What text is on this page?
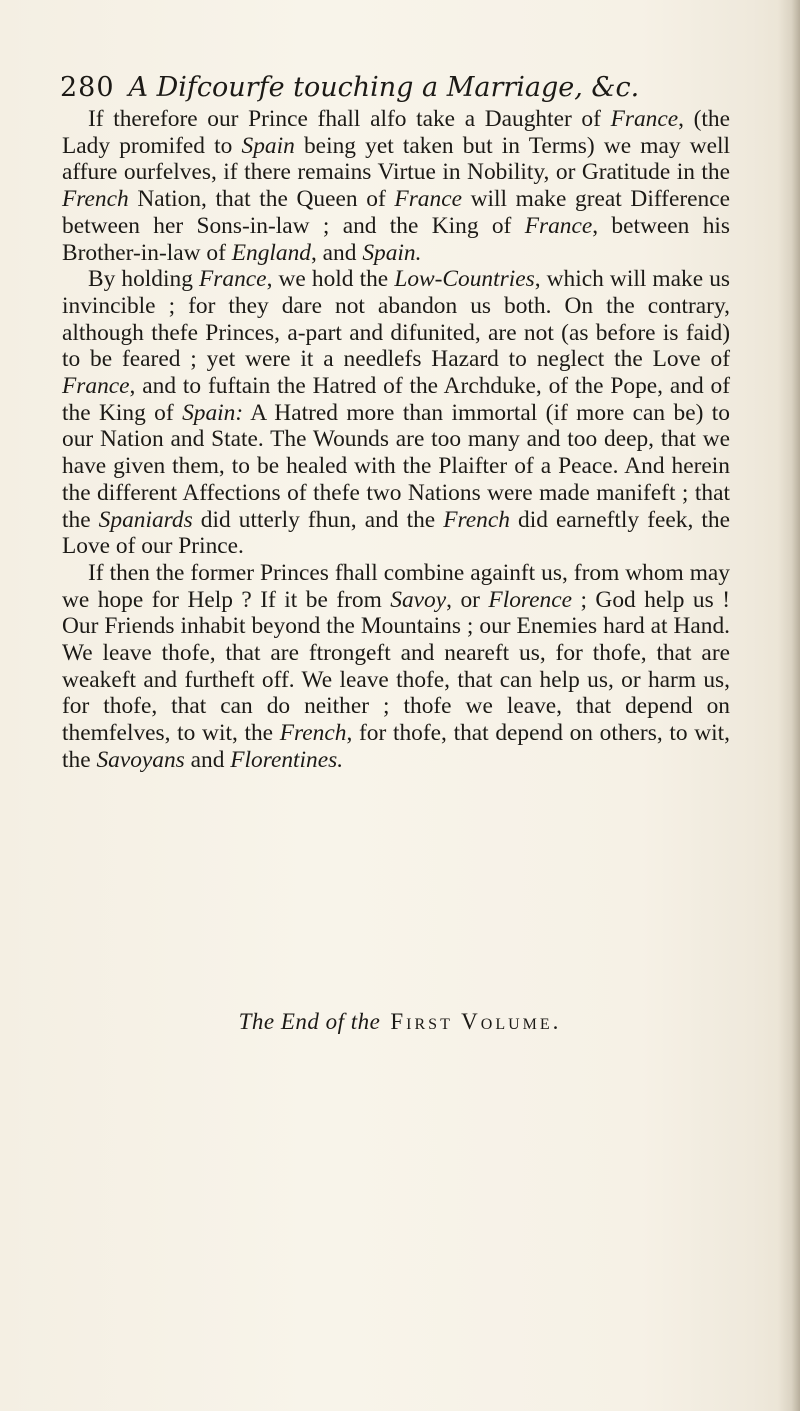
280 A Difcourfe touching a Marriage, &c.

If therefore our Prince fhall alfo take a Daughter of France, (the Lady promifed to Spain being yet taken but in Terms) we may well affure ourfelves, if there remains Virtue in Nobility, or Gratitude in the French Nation, that the Queen of France will make great Difference between her Sons-in-law ; and the King of France, between his Brother-in-law of England, and Spain.

By holding France, we hold the Low-Countries, which will make us invincible ; for they dare not abandon us both. On the contrary, although thefe Princes, a-part and difunited, are not (as before is faid) to be feared ; yet were it a needlefs Hazard to neglect the Love of France, and to fuftain the Hatred of the Archduke, of the Pope, and of the King of Spain: A Hatred more than immortal (if more can be) to our Nation and State. The Wounds are too many and too deep, that we have given them, to be healed with the Plaifter of a Peace. And herein the different Affections of thefe two Nations were made manifeft ; that the Spaniards did utterly fhun, and the French did earneftly feek, the Love of our Prince.

If then the former Princes fhall combine againft us, from whom may we hope for Help ? If it be from Savoy, or Florence ; God help us ! Our Friends inhabit beyond the Mountains ; our Enemies hard at Hand. We leave thofe, that are ftrongeft and neareft us, for thofe, that are weakeft and furtheft off. We leave thofe, that can help us, or harm us, for thofe, that can do neither ; thofe we leave, that depend on themfelves, to wit, the French, for thofe, that depend on others, to wit, the Savoyans and Florentines.

The End of the First Volume.
